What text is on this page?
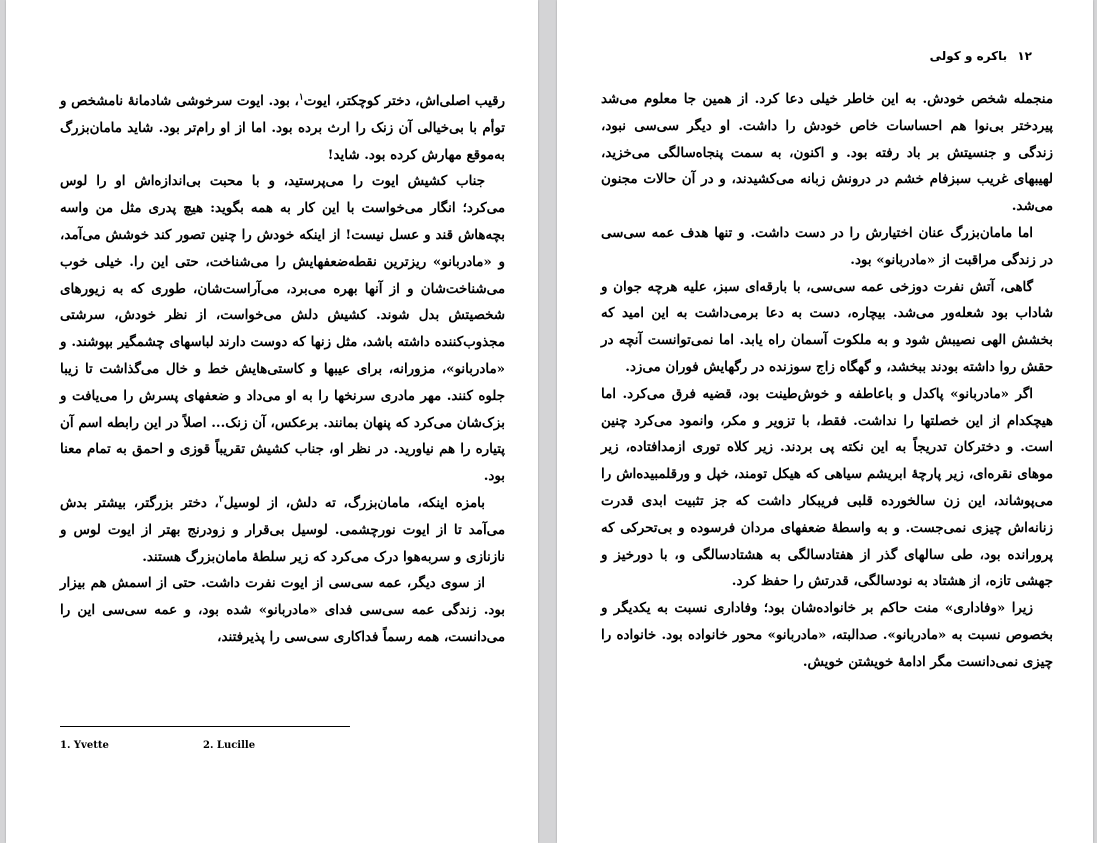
رقیب اصلی‌اش، دختر کوچکتر، ایوت$^۱$، بود. ایوت سرخوشی شادمانهٔ نامشخص و توأم با بی‌خیالی آن زنک را ارث برده بود. اما از او رام‌تر بود. شاید مامان‌بزرگ به‌موقع مهارش کرده بود. شاید!

جناب کشیش ایوت را می‌پرستید، و با محبت بی‌اندازه‌اش او را لوس می‌کرد؛ انگار می‌خواست با این کار به همه بگوید: هیچ پدری مثل من واسه بچه‌هاش قند و عسل نیست! از اینکه خودش را چنین تصور کند خوشش می‌آمد، و «مادربانو» ریزترین نقطه‌ضعفهایش را می‌شناخت، حتی این را. خیلی خوب می‌شناخت‌شان و از آنها بهره می‌برد، می‌آراست‌شان، طوری که به زیورهای شخصیتش بدل شوند. کشیش دلش می‌خواست، از نظر خودش، سرشتی مجذوب‌کننده داشته باشد، مثل زنها که دوست دارند لباسهای چشمگیر بپوشند. و «مادربانو»، مزورانه، برای عیبها و کاستی‌هایش خط و خال می‌گذاشت تا زیبا جلوه کنند. مهر مادری سرنخها را به او می‌داد و ضعفهای پسرش را می‌یافت و بزک‌شان می‌کرد که پنهان بمانند. برعکس، آن زنک... اصلاً در این رابطه اسم آن پتیاره را هم نیاورید. در نظر او، جناب کشیش تقریباً قوزی و احمق به تمام معنا بود.

بامزه اینکه، مامان‌بزرگ، ته دلش، از لوسیل$^۲$، دختر بزرگتر، بیشتر بدش می‌آمد تا از ایوت نورچشمی. لوسیل بی‌قرار و زودرنج بهتر از ایوت لوس و نازنازی و سربه‌هوا درک می‌کرد که زیر سلطهٔ مامان‌بزرگ هستند.

از سوی دیگر، عمه سی‌سی از ایوت نفرت داشت. حتی از اسمش هم بیزار بود. زندگی عمه سی‌سی فدای «مادربانو» شده بود، و عمه سی‌سی این را می‌دانست، همه رسماً فداکاری سی‌سی را پذیرفتند،

1. Yvette	2. Lucille
۱۲ باکره و کولی

منجمله شخص خودش. به این خاطر خیلی دعا کرد. از همین جا معلوم می‌شد پیردختر بی‌نوا هم احساسات خاص خودش را داشت. او دیگر سی‌سی نبود، زندگی و جنسیتش بر باد رفته بود. و اکنون، به سمت پنجاه‌سالگی می‌خزید، لهیبهای غریب سبزفام خشم در درونش زبانه می‌کشیدند، و در آن حالات مجنون می‌شد.

اما مامان‌بزرگ عنان اختیارش را در دست داشت. و تنها هدف عمه سی‌سی در زندگی مراقبت از «مادربانو» بود.

گاهی، آتش نفرت دوزخی عمه سی‌سی، با بارقه‌ای سبز، علیه هرچه جوان و شاداب بود شعله‌ور می‌شد. بیچاره، دست به دعا برمی‌داشت به این امید که بخشش الهی نصیبش شود و به ملکوت آسمان راه یابد. اما نمی‌توانست آنچه در حقش روا داشته بودند ببخشد، و گهگاه زاج سوزنده در رگهایش فوران می‌زد.

اگر «مادربانو» پاکدل و باعاطفه و خوش‌طینت بود، قضیه فرق می‌کرد. اما هیچکدام از این خصلتها را نداشت. فقط، با تزویر و مکر، وانمود می‌کرد چنین است. و دخترکان تدریجاً به این نکته پی بردند. زیر کلاه توری ازمدافتاده، زیر موهای نقره‌ای، زیر پارچهٔ ابریشم سیاهی که هیکل تومند، خپل و ورقلمبیده‌اش را می‌پوشاند، این زن سالخورده قلبی فریبکار داشت که جز تثبیت ابدی قدرت زنانه‌اش چیزی نمی‌جست. و به واسطهٔ ضعفهای مردان فرسوده و بی‌تحرکی که پرورانده بود، طی سالهای گذر از هفتادسالگی به هشتادسالگی و، با دورخیز و جهشی تازه، از هشتاد به نودسالگی، قدرتش را حفظ کرد.

زیرا «وفاداری» منت حاکم بر خانواده‌شان بود؛ وفاداری نسبت به یکدیگر و بخصوص نسبت به «مادربانو». صدالبته، «مادربانو» محور خانواده بود. خانواده را چیزی نمی‌دانست مگر ادامهٔ خویشتن خویش.
